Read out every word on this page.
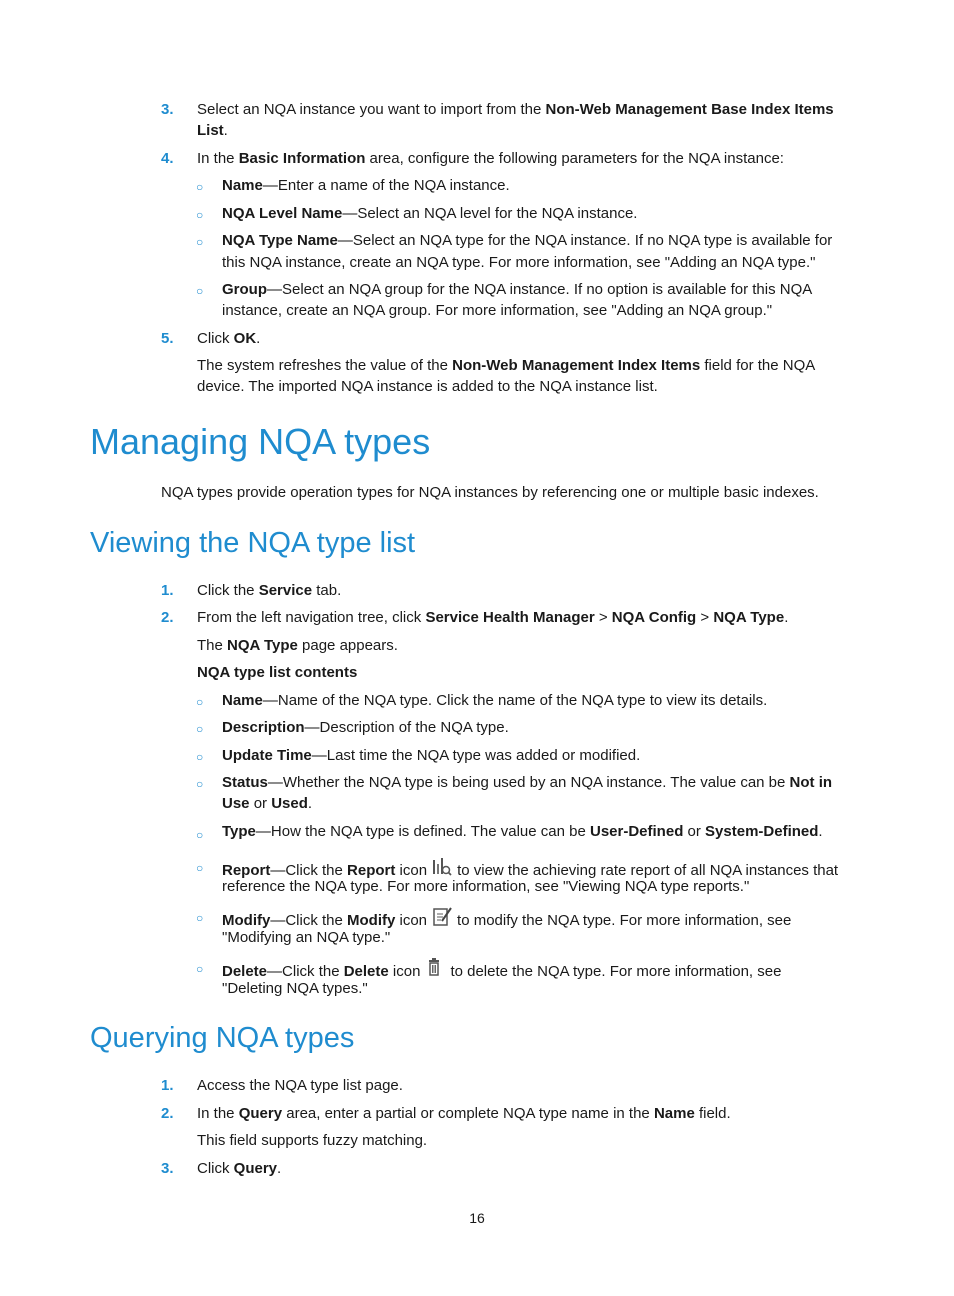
3. Select an NQA instance you want to import from the Non-Web Management Base Index Items
List.
4. In the Basic Information area, configure the following parameters for the NQA instance:
○ Name—Enter a name of the NQA instance.
○ NQA Level Name—Select an NQA level for the NQA instance.
○ NQA Type Name—Select an NQA type for the NQA instance. If no NQA type is available for
this NQA instance, create an NQA type. For more information, see "Adding an NQA type."
○ Group—Select an NQA group for the NQA instance. If no option is available for this NQA
instance, create an NQA group. For more information, see "Adding an NQA group."
5. Click OK.
The system refreshes the value of the Non-Web Management Index Items field for the NQA
device. The imported NQA instance is added to the NQA instance list.
Managing NQA types
NQA types provide operation types for NQA instances by referencing one or multiple basic indexes.
Viewing the NQA type list
1. Click the Service tab.
2. From the left navigation tree, click Service Health Manager > NQA Config > NQA Type.
The NQA Type page appears.
NQA type list contents
○ Name—Name of the NQA type. Click the name of the NQA type to view its details.
○ Description—Description of the NQA type.
○ Update Time—Last time the NQA type was added or modified.
○ Status—Whether the NQA type is being used by an NQA instance. The value can be Not in
Use or Used.
○ Type—How the NQA type is defined. The value can be User-Defined or System-Defined.
○ Report—Click the Report icon to view the achieving rate report of all NQA instances that
reference the NQA type. For more information, see "Viewing NQA type reports."
○ Modify—Click the Modify icon to modify the NQA type. For more information, see
"Modifying an NQA type."
○ Delete—Click the Delete icon to delete the NQA type. For more information, see
"Deleting NQA types."
Querying NQA types
1. Access the NQA type list page.
2. In the Query area, enter a partial or complete NQA type name in the Name field.
This field supports fuzzy matching.
3. Click Query.
16
